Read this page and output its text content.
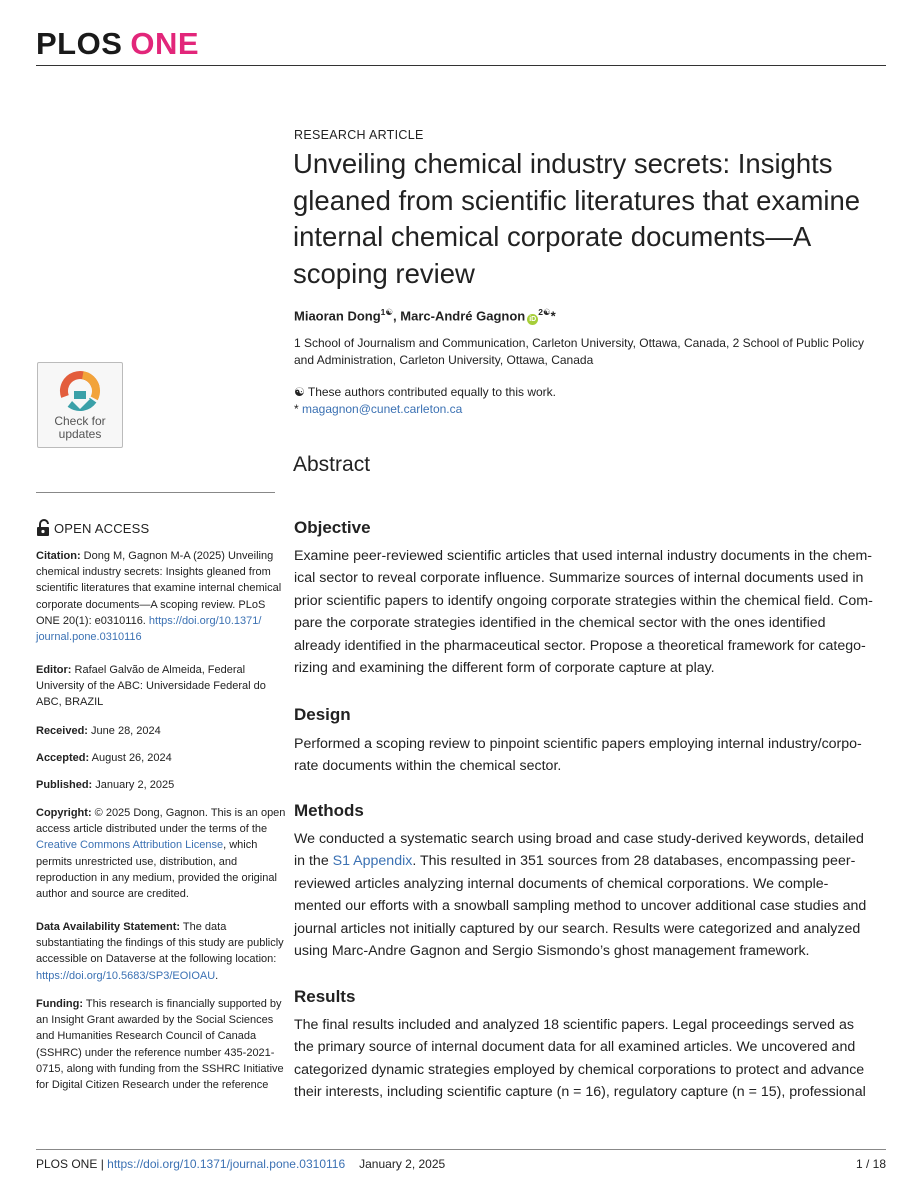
PLOS ONE
Check for
updates
RESEARCH ARTICLE
Unveiling chemical industry secrets: Insights gleaned from scientific literatures that examine internal chemical corporate documents—A scoping review
Miaoran Dong$^{1☯}$, Marc-André Gagnon $iD^{2☯}*$
1 School of Journalism and Communication, Carleton University, Ottawa, Canada, 2 School of Public Policy and Administration, Carleton University, Ottawa, Canada
☯ These authors contributed equally to this work.
* magagnon@cunet.carleton.ca
Abstract
Objective
Examine peer-reviewed scientific articles that used internal industry documents in the chem-
ical sector to reveal corporate influence. Summarize sources of internal documents used in
prior scientific papers to identify ongoing corporate strategies within the chemical field. Com-
pare the corporate strategies identified in the chemical sector with the ones identified
already identified in the pharmaceutical sector. Propose a theoretical framework for catego-
rizing and examining the different form of corporate capture at play.
Design
Performed a scoping review to pinpoint scientific papers employing internal industry/corpo-
rate documents within the chemical sector.
Methods
We conducted a systematic search using broad and case study-derived keywords, detailed
in the S1 Appendix. This resulted in 351 sources from 28 databases, encompassing peer-
reviewed articles analyzing internal documents of chemical corporations. We comple-
mented our efforts with a snowball sampling method to uncover additional case studies and
journal articles not initially captured by our search. Results were categorized and analyzed
using Marc-Andre Gagnon and Sergio Sismondo’s ghost management framework.
Results
The final results included and analyzed 18 scientific papers. Legal proceedings served as
the primary source of internal document data for all examined articles. We uncovered and
categorized dynamic strategies employed by chemical corporations to protect and advance
their interests, including scientific capture (n = 16), regulatory capture (n = 15), professional
OPEN ACCESS
Citation: Dong M, Gagnon M-A (2025) Unveiling
chemical industry secrets: Insights gleaned from
scientific literatures that examine internal chemical
corporate documents—A scoping review. PLoS
ONE 20(1): e0310116. https://doi.org/10.1371/
journal.pone.0310116
Editor: Rafael Galvão de Almeida, Federal
University of the ABC: Universidade Federal do
ABC, BRAZIL
Received: June 28, 2024
Accepted: August 26, 2024
Published: January 2, 2025
Copyright: © 2025 Dong, Gagnon. This is an open
access article distributed under the terms of the
Creative Commons Attribution License, which
permits unrestricted use, distribution, and
reproduction in any medium, provided the original
author and source are credited.
Data Availability Statement: The data
substantiating the findings of this study are publicly
accessible on Dataverse at the following location:
https://doi.org/10.5683/SP3/EOIOAU.
Funding: This research is financially supported by
an Insight Grant awarded by the Social Sciences
and Humanities Research Council of Canada
(SSHRC) under the reference number 435-2021-
0715, along with funding from the SSHRC Initiative
for Digital Citizen Research under the reference
PLOS ONE | https://doi.org/10.1371/journal.pone.0310116 January 2, 2025	1 / 18
